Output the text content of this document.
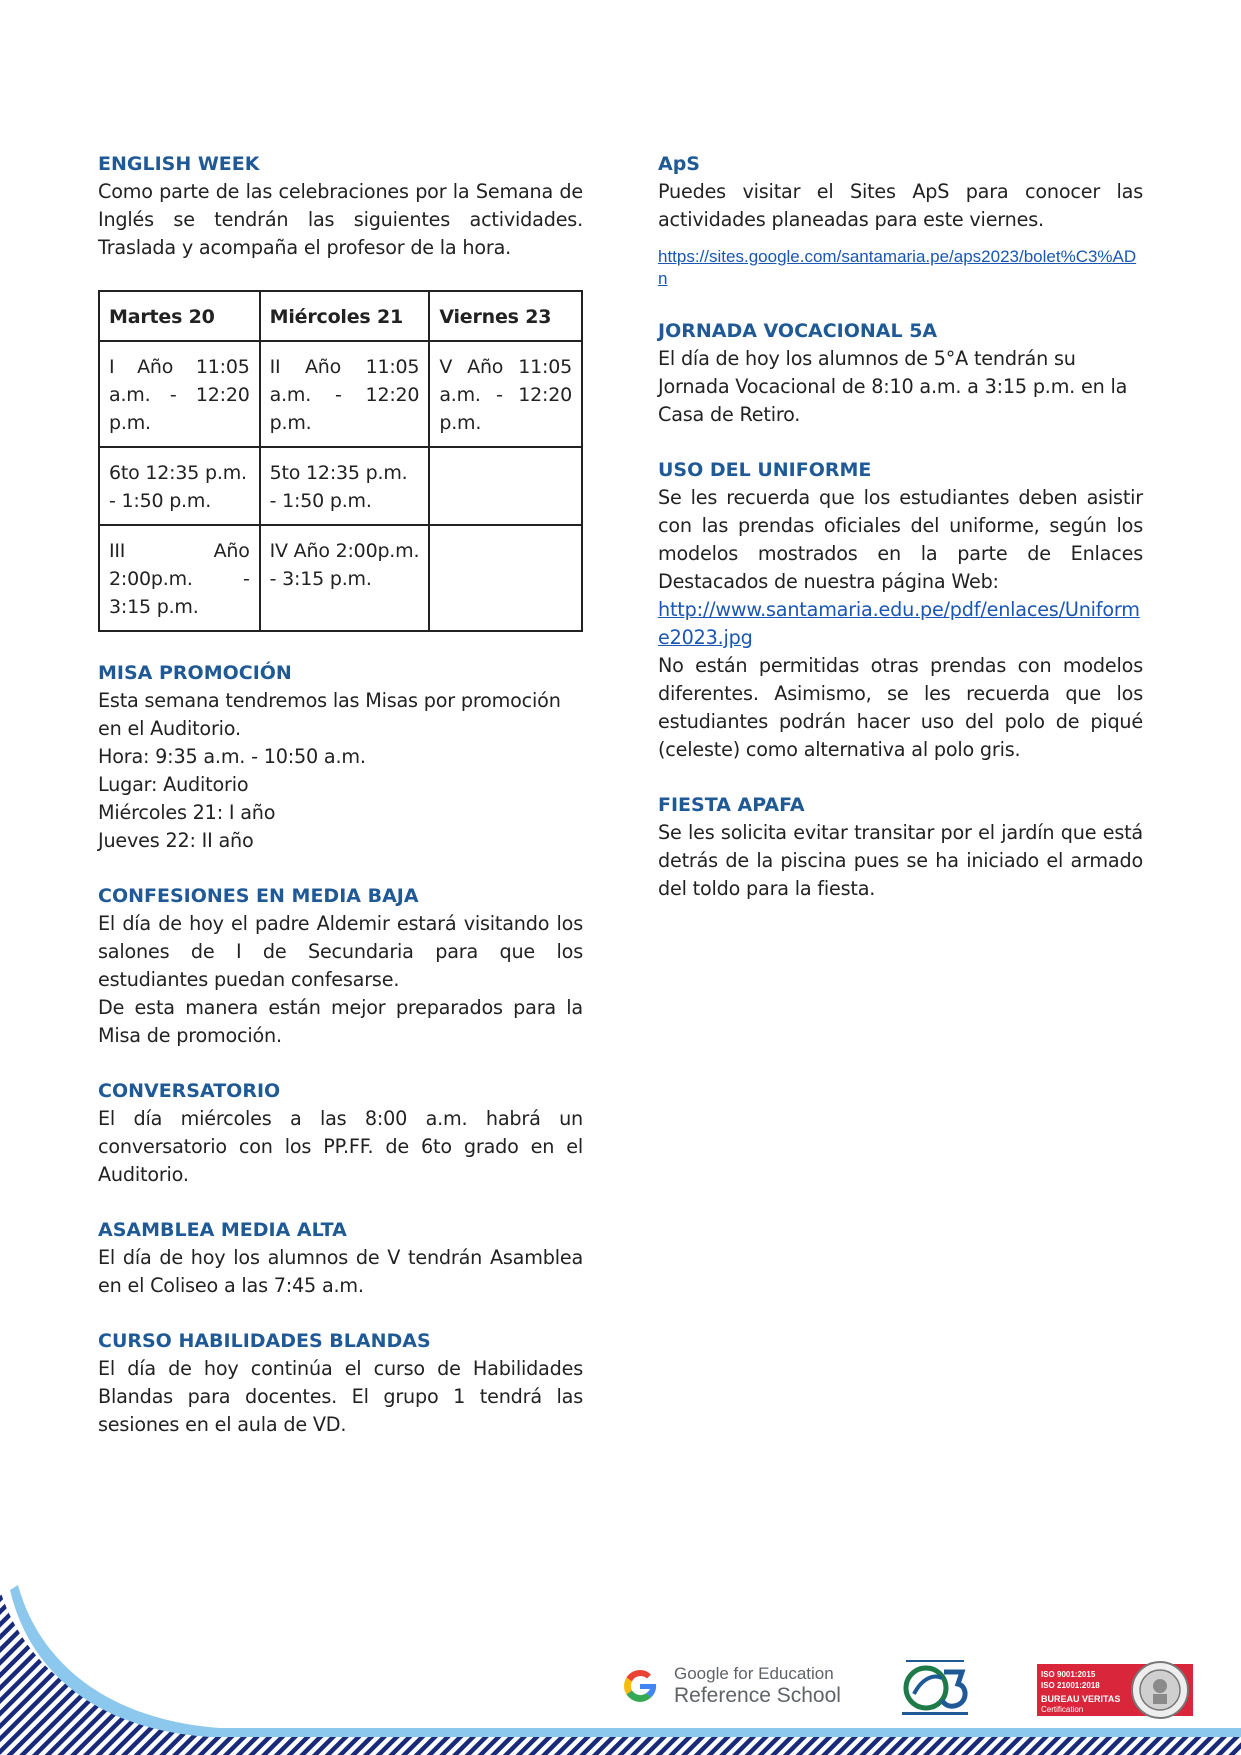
ENGLISH WEEK
Como parte de las celebraciones por la Semana de Inglés se tendrán las siguientes actividades. Traslada y acompaña el profesor de la hora.
Martes 20	Miércoles 21	Viernes 23
I Año 11:05 a.m. - 12:20 p.m.	II Año 11:05 a.m. - 12:20 p.m.	V Año 11:05 a.m. - 12:20 p.m.
6to 12:35 p.m. - 1:50 p.m.	5to 12:35 p.m. - 1:50 p.m.	
III Año 2:00p.m. - 3:15 p.m.	IV Año 2:00p.m. - 3:15 p.m.	
MISA PROMOCIÓN
Esta semana tendremos las Misas por promoción en el Auditorio.
Hora: 9:35 a.m. - 10:50 a.m.
Lugar: Auditorio
Miércoles 21: I año
Jueves 22: II año
CONFESIONES EN MEDIA BAJA
El día de hoy el padre Aldemir estará visitando los salones de I de Secundaria para que los estudiantes puedan confesarse.
De esta manera están mejor preparados para la Misa de promoción.
CONVERSATORIO
El día miércoles a las 8:00 a.m. habrá un conversatorio con los PP.FF. de 6to grado en el Auditorio.
ASAMBLEA MEDIA ALTA
El día de hoy los alumnos de V tendrán Asamblea en el Coliseo a las 7:45 a.m.
CURSO HABILIDADES BLANDAS
El día de hoy continúa el curso de Habilidades Blandas para docentes. El grupo 1 tendrá las sesiones en el aula de VD.
ApS
Puedes visitar el Sites ApS para conocer las actividades planeadas para este viernes.
https://sites.google.com/santamaria.pe/aps2023/bolet%C3%ADn
JORNADA VOCACIONAL 5A
El día de hoy los alumnos de 5°A tendrán su Jornada Vocacional de 8:10 a.m. a 3:15 p.m. en la Casa de Retiro.
USO DEL UNIFORME
Se les recuerda que los estudiantes deben asistir con las prendas oficiales del uniforme, según los modelos mostrados en la parte de Enlaces Destacados de nuestra página Web:
http://www.santamaria.edu.pe/pdf/enlaces/Uniforme2023.jpg
No están permitidas otras prendas con modelos diferentes. Asimismo, se les recuerda que los estudiantes podrán hacer uso del polo de piqué (celeste) como alternativa al polo gris.
FIESTA APAFA
Se les solicita evitar transitar por el jardín que está detrás de la piscina pues se ha iniciado el armado del toldo para la fiesta.
Google for Education
Reference School
ISO 9001:2015
ISO 21001:2018
BUREAU VERITAS
Certification
